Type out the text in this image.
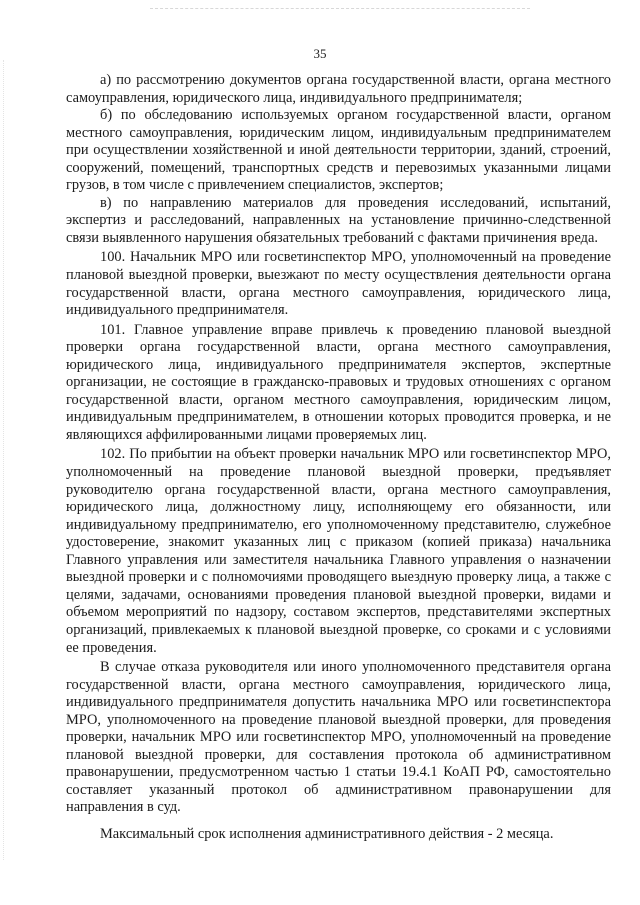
35

а) по рассмотрению документов органа государственной власти, органа местного самоуправления, юридического лица, индивидуального предпринимателя;

б) по обследованию используемых органом государственной власти, органом местного самоуправления, юридическим лицом, индивидуальным предпринимателем при осуществлении хозяйственной и иной деятельности территории, зданий, строений, сооружений, помещений, транспортных средств и перевозимых указанными лицами грузов, в том числе с привлечением специалистов, экспертов;

в) по направлению материалов для проведения исследований, испытаний, экспертиз и расследований, направленных на установление причинно-следственной связи выявленного нарушения обязательных требований с фактами причинения вреда.

100. Начальник МРО или госветинспектор МРО, уполномоченный на проведение плановой выездной проверки, выезжают по месту осуществления деятельности органа государственной власти, органа местного самоуправления, юридического лица, индивидуального предпринимателя.

101. Главное управление вправе привлечь к проведению плановой выездной проверки органа государственной власти, органа местного самоуправления, юридического лица, индивидуального предпринимателя экспертов, экспертные организации, не состоящие в гражданско-правовых и трудовых отношениях с органом государственной власти, органом местного самоуправления, юридическим лицом, индивидуальным предпринимателем, в отношении которых проводится проверка, и не являющихся аффилированными лицами проверяемых лиц.

102. По прибытии на объект проверки начальник МРО или госветинспектор МРО, уполномоченный на проведение плановой выездной проверки, предъявляет руководителю органа государственной власти, органа местного самоуправления, юридического лица, должностному лицу, исполняющему его обязанности, или индивидуальному предпринимателю, его уполномоченному представителю, служебное удостоверение, знакомит указанных лиц с приказом (копией приказа) начальника Главного управления или заместителя начальника Главного управления о назначении выездной проверки и с полномочиями проводящего выездную проверку лица, а также с целями, задачами, основаниями проведения плановой выездной проверки, видами и объемом мероприятий по надзору, составом экспертов, представителями экспертных организаций, привлекаемых к плановой выездной проверке, со сроками и с условиями ее проведения.

В случае отказа руководителя или иного уполномоченного представителя органа государственной власти, органа местного самоуправления, юридического лица, индивидуального предпринимателя допустить начальника МРО или госветинспектора МРО, уполномоченного на проведение плановой выездной проверки, для проведения проверки, начальник МРО или госветинспектор МРО, уполномоченный на проведение плановой выездной проверки, для составления протокола об административном правонарушении, предусмотренном частью 1 статьи 19.4.1 КоАП РФ, самостоятельно составляет указанный протокол об административном правонарушении для направления в суд.

Максимальный срок исполнения административного действия - 2 месяца.
